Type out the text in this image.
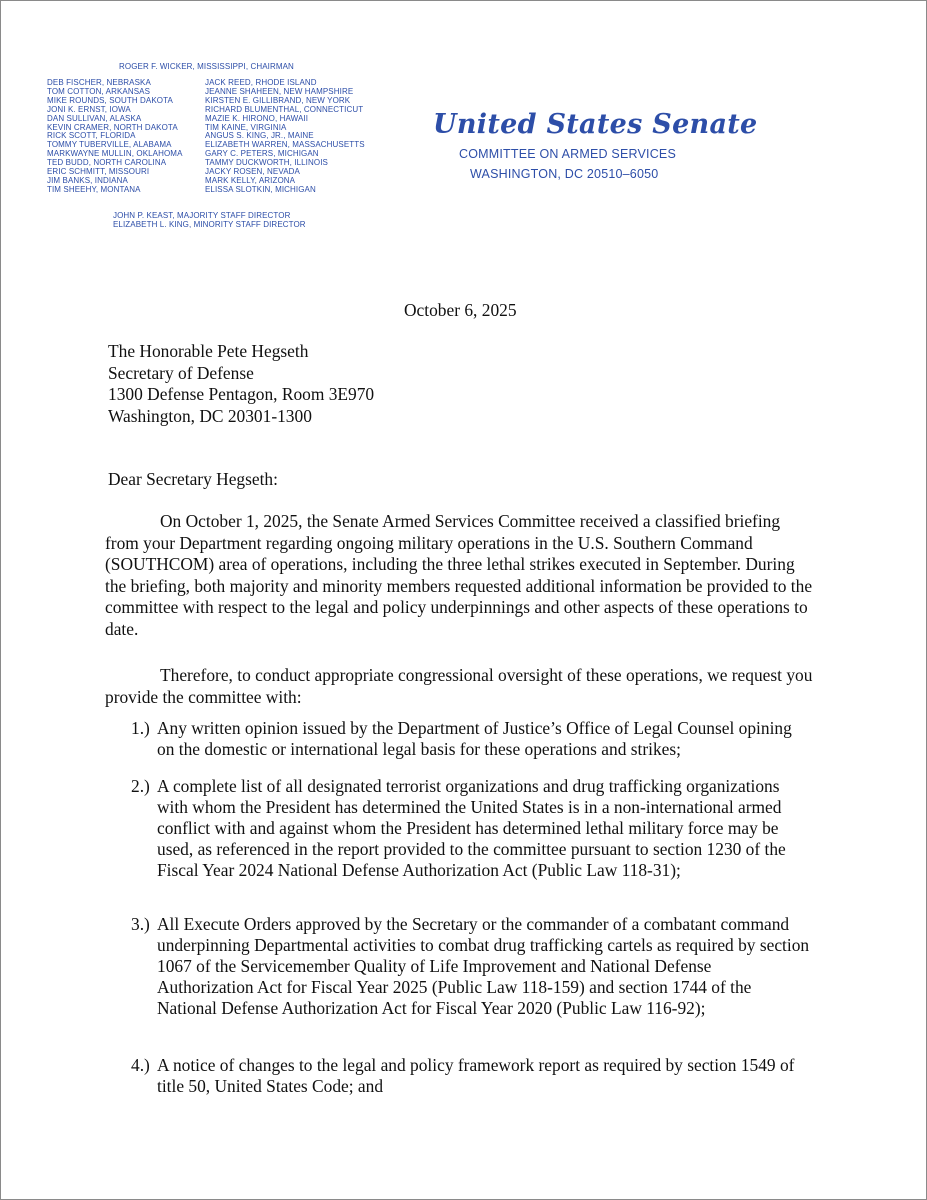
ROGER F. WICKER, MISSISSIPPI, CHAIRMAN
DEB FISCHER, NEBRASKA
TOM COTTON, ARKANSAS
MIKE ROUNDS, SOUTH DAKOTA
JONI K. ERNST, IOWA
DAN SULLIVAN, ALASKA
KEVIN CRAMER, NORTH DAKOTA
RICK SCOTT, FLORIDA
TOMMY TUBERVILLE, ALABAMA
MARKWAYNE MULLIN, OKLAHOMA
TED BUDD, NORTH CAROLINA
ERIC SCHMITT, MISSOURI
JIM BANKS, INDIANA
TIM SHEEHY, MONTANA
JACK REED, RHODE ISLAND
JEANNE SHAHEEN, NEW HAMPSHIRE
KIRSTEN E. GILLIBRAND, NEW YORK
RICHARD BLUMENTHAL, CONNECTICUT
MAZIE K. HIRONO, HAWAII
TIM KAINE, VIRGINIA
ANGUS S. KING, JR., MAINE
ELIZABETH WARREN, MASSACHUSETTS
GARY C. PETERS, MICHIGAN
TAMMY DUCKWORTH, ILLINOIS
JACKY ROSEN, NEVADA
MARK KELLY, ARIZONA
ELISSA SLOTKIN, MICHIGAN
JOHN P. KEAST, MAJORITY STAFF DIRECTOR
ELIZABETH L. KING, MINORITY STAFF DIRECTOR
United States Senate
COMMITTEE ON ARMED SERVICES
WASHINGTON, DC 20510–6050
October 6, 2025
The Honorable Pete Hegseth
Secretary of Defense
1300 Defense Pentagon, Room 3E970
Washington, DC 20301-1300
Dear Secretary Hegseth:
On October 1, 2025, the Senate Armed Services Committee received a classified briefing from your Department regarding ongoing military operations in the U.S. Southern Command (SOUTHCOM) area of operations, including the three lethal strikes executed in September. During the briefing, both majority and minority members requested additional information be provided to the committee with respect to the legal and policy underpinnings and other aspects of these operations to date.
Therefore, to conduct appropriate congressional oversight of these operations, we request you provide the committee with:
1.) Any written opinion issued by the Department of Justice’s Office of Legal Counsel opining on the domestic or international legal basis for these operations and strikes;
2.) A complete list of all designated terrorist organizations and drug trafficking organizations with whom the President has determined the United States is in a non-international armed conflict with and against whom the President has determined lethal military force may be used, as referenced in the report provided to the committee pursuant to section 1230 of the Fiscal Year 2024 National Defense Authorization Act (Public Law 118-31);
3.) All Execute Orders approved by the Secretary or the commander of a combatant command underpinning Departmental activities to combat drug trafficking cartels as required by section 1067 of the Servicemember Quality of Life Improvement and National Defense Authorization Act for Fiscal Year 2025 (Public Law 118-159) and section 1744 of the National Defense Authorization Act for Fiscal Year 2020 (Public Law 116-92);
4.) A notice of changes to the legal and policy framework report as required by section 1549 of title 50, United States Code; and
